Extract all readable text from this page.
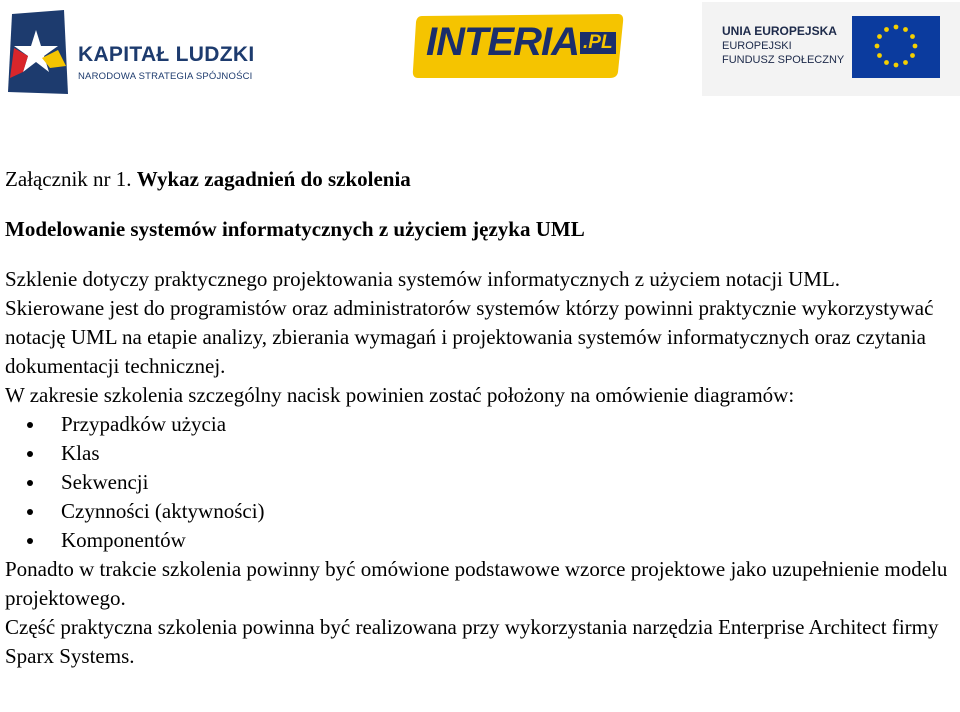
KAPITAŁ LUDZKI
NARODOWA STRATEGIA SPÓJNOŚCI
INTERIA .PL
UNIA EUROPEJSKA
EUROPEJSKI
FUNDUSZ SPOŁECZNY

Załącznik nr 1. Wykaz zagadnień do szkolenia

Modelowanie systemów informatycznych z użyciem języka UML

Szklenie dotyczy praktycznego projektowania systemów informatycznych z użyciem notacji UML.

Skierowane jest do programistów oraz administratorów systemów którzy powinni praktycznie wykorzystywać notację UML na etapie analizy, zbierania wymagań i projektowania systemów informatycznych oraz czytania dokumentacji technicznej.

W zakresie szkolenia szczególny nacisk powinien zostać położony na omówienie diagramów:

Przypadków użycia
Klas
Sekwencji
Czynności (aktywności)
Komponentów

Ponadto w trakcie szkolenia powinny być omówione podstawowe wzorce projektowe jako uzupełnienie modelu projektowego.

Część praktyczna szkolenia powinna być realizowana przy wykorzystania narzędzia Enterprise Architect firmy Sparx Systems.
